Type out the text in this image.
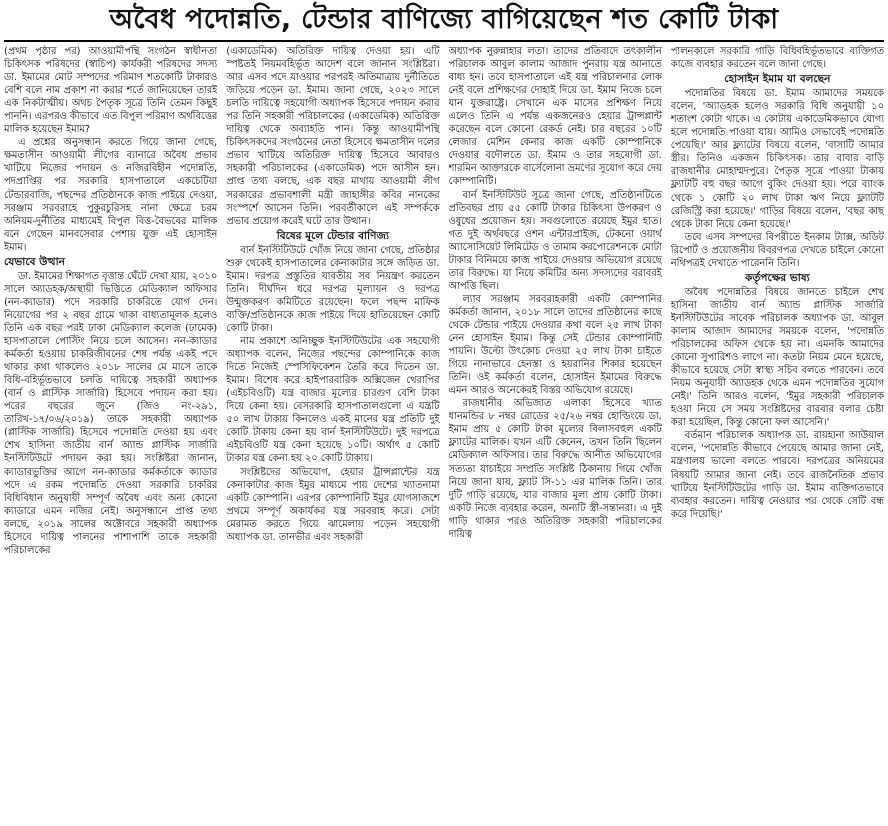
অবৈধ পদোন্নতি, টেন্ডার বাণিজ্যে বাগিয়েছেন শত কোটি টাকা

(প্রথম পৃষ্ঠার পর) আওয়ামীপন্থি সংগঠন স্বাধীনতা চিকিৎসক পরিষদের (স্বাচিপ) কার্যকরী পরিষদের সদস্য ডা. ইমামের মোট সম্পদের পরিমাণ শতকোটি টাকারও বেশি বলে নাম প্রকাশ না করার শর্তে জানিয়েছেন তারই এক নিকটাত্মীয়। অথচ পৈতৃক সূত্রে তিনি তেমন কিছুই পাননি। এরপরও কীভাবে এত বিপুল পরিমাণ অর্থবিত্তের মালিক হয়েছেন ইমাম?

এ প্রশ্নের অনুসন্ধান করতে গিয়ে জানা গেছে, ক্ষমতাসীন আওয়ামী লীগের ব্যানারে অবৈধ প্রভাব খাটিয়ে নিজের পদায়ন ও নজিরবিহীন পদোন্নতি, পদপ্রাপ্তির পর সরকারি হাসপাতালে একচেটিয়া টেন্ডারবাজি, পছন্দের প্রতিষ্ঠানকে কাজ পাইয়ে দেওয়া, সরঞ্জাম সরবরাহে পুকুরচুরিসহ নানা ক্ষেত্রে চরম অনিয়ম-দুর্নীতির মাধ্যমেই বিপুল বিত্ত-বৈভবের মালিক বনে গেছেন মানবসেবার পেশায় যুক্ত এই হোসাইন ইমাম।

যেভাবে উত্থান

ডা. ইমামের শিক্ষাগত বৃত্তান্ত ঘেঁটে দেখা যায়, ২০১০ সালে অ্যাডহক/অস্থায়ী ভিত্তিতে মেডিক্যাল অফিসার (নন-ক্যাডার) পদে সরকারি চাকরিতে যোগ দেন। নিয়োগের পর ২ বছর গ্রামে থাকা বাধ্যতামূলক হলেও তিনি এক বছর পরই ঢাকা মেডিক্যাল কলেজ (ঢামেক) হাসপাতালে পোস্টিং নিয়ে চলে আসেন। নন-ক্যাডার কর্মকর্তা হওয়ায় চাকরিজীবনের শেষ পর্যন্ত একই পদে থাকার কথা থাকলেও ২০১৮ সালের মে মাসে তাকে বিধি-বহির্ভূতভাবে চলতি দায়িত্বে সহকারী অধ্যাপক (বার্ন ও প্লাস্টিক সার্জারি) হিসেবে পদায়ন করা হয়। পরের বছরের জুনে (জিও নং-২৯১, তারিখ-১৭/০৬/২০১৯) তাকে সহকারী অধ্যাপক (প্লাস্টিক সার্জারি) হিসেবে পদোন্নতি দেওয়া হয় এবং শেখ হাসিনা জাতীয় বার্ন অ্যান্ড প্লাস্টিক সার্জারি ইনস্টিটিউটে পদায়ন করা হয়। সংশ্লিষ্টরা জানান, ক্যাডারভুক্তির আগে নন-ক্যাডার কর্মকর্তাকে ক্যাডার পদে এ রকম পদোন্নতি দেওয়া সরকারি চাকরির বিধিবিধান অনুযায়ী সম্পূর্ণ অবৈধ এবং অন্য কোনো ক্যাডারে এমন নজির নেই। অনুসন্ধানে প্রাপ্ত তথ্য বলছে, ২০১৯ সালের অক্টোবরে সহকারী অধ্যাপক হিসেবে দায়িত্ব পালনের পাশাপাশি তাকে সহকারী পরিচালকের

(একাডেমিক) অতিরিক্ত দায়িত্ব দেওয়া হয়। এটি স্পষ্টতই নিয়মবহির্ভূত আদেশ বলে জানান সংশ্লিষ্টরা। আর এসব পদে যাওয়ার পরপরই অতিমাত্রায় দুর্নীতিতে জড়িয়ে পড়েন ডা. ইমাম। জানা গেছে, ২০২৩ সালে চলতি দায়িত্বে সহযোগী অধ্যাপক হিসেবে পদায়ন করার পর তিনি সহকারী পরিচালকের (একাডেমিক) অতিরিক্ত দায়িত্ব থেকে অব্যাহতি পান। কিন্তু আওয়ামীপন্থি চিকিৎসকদের সংগঠনের নেতা হিসেবে ক্ষমতাসীন দলের প্রভাব খাটিয়ে অতিরিক্ত দায়িত্ব হিসেবে আবারও সহকারী পরিচালকের (একাডেমিক) পদে আসীন হন। প্রাপ্ত তথ্য বলছে, এক বছর মাথায় আওয়ামী লীগ সরকারের প্রভাবশালী মন্ত্রী জাহাঙ্গীর কবির নানকের সংস্পর্শে আসেন তিনি। পরবর্তীকালে এই সম্পর্ককে প্রভাব প্রয়োগ করেই ঘটে তার উত্থান।

বিষের মূলে টেন্ডার বাণিজ্য

বার্ন ইনস্টিটিউটে খোঁজ নিয়ে জানা গেছে, প্রতিষ্ঠার শুরু থেকেই হাসপাতালের কেনাকাটার সঙ্গে জড়িত ডা. ইমাম। দরপত্র প্রস্তুতির যাবতীয় সব নিয়ন্ত্রণ করতেন তিনি। দীর্ঘদিন ধরে দরপত্র মূল্যায়ন ও দরপত্র উন্মুক্তকরণ কমিটিতে রয়েছেন। ফলে পছন্দ মাফিক ব্যক্তি/প্রতিষ্ঠানকে কাজ পাইয়ে দিয়ে হাতিয়েছেন কোটি কোটি টাকা।

নাম প্রকাশে অনিচ্ছুক ইনস্টিটিউটের এক সহযোগী অধ্যাপক বলেন, নিজের পছন্দের কোম্পানিকে কাজ দিতে নিজেই স্পেসিফিকেশন তৈরি করে দিতেন ডা. ইমাম। বিশেষ করে হাইপারবারিক অক্সিজেন থেরাপির (এইচবিওটি) যন্ত্র বাজার মূল্যের চারগুণ বেশি টাকা দিয়ে কেনা হয়। বেসরকারি হাসপাতালগুলো এ যন্ত্রটি ৫০ লাখ টাকায় কিনলেও একই মানের যন্ত্র প্রতিটি দুই কোটি টাকায় কেনা হয় বার্ন ইনস্টিটিউটে। দুই দরপত্রে এইচবিওটি যন্ত্র কেনা হয়েছে ১০টি। অর্থাৎ ৫ কোটি টাকার যন্ত্র কেনা হয় ২০ কোটি টাকায়।

সংশ্লিষ্টদের অভিযোগ, হেয়ার ট্রান্সপ্লান্টের যন্ত্র কেনাকাটার কাজ ইমুর মাধ্যমে পায় দেশের খ্যাতনামা একটি কোম্পানি। এরপর কোম্পানিটি ইমুর যোগসাজশে প্রথমে সম্পূর্ণ অকার্যকর যন্ত্র সরবরাহ করে। সেটা মেরামত করতে গিয়ে ঝামেলায় পড়েন সহযোগী অধ্যাপক ডা. তানভীর এবং সহকারী

অধ্যাপক নুরুন্নাহার লতা। তাদের প্রতিবাদে তৎকালীন পরিচালক আবুল কালাম আজাদ পুনরায় যন্ত্র আনাতে বাধ্য হন। তবে হাসপাতালে এই যন্ত্র পরিচালনার লোক নেই বলে প্রশিক্ষণের দোহাই দিয়ে ডা. ইমাম নিজে চলে যান যুক্তরাষ্ট্রে। সেখানে এক মাসের প্রশিক্ষণ নিয়ে এলেও তিনি এ পর্যন্ত একজনেরও হেয়ার ট্রান্সপ্লান্ট করেছেন বলে কোনো রেকর্ড নেই। চার বছরের ১০টি লেজার মেশিন কেনার কাজ একটি কোম্পানিকে দেওয়ার বদৌলতে ডা. ইমাম ও তার সহযোগী ডা. শারমিন আক্তারকে বার্সেলোনা ভ্রমণের সুযোগ করে দেয় কোম্পানিটি।

বার্ন ইনস্টিটিউট সূত্রে জানা গেছে, প্রতিষ্ঠানটিতে প্রতিবছর প্রায় ৫৫ কোটি টাকার চিকিৎসা উপকরণ ও ওষুধের প্রয়োজন হয়। সবগুলোতে রয়েছে ইমুর হাত। গত দুই অর্থবছরে ওশন এন্টারপ্রাইজ, টেকনো ওয়ার্থ অ্যাসোসিয়েট লিমিটেড ও তামাম করপোরেশনকে মোটা টাকার বিনিময়ে কাজ পাইয়ে দেওয়ার অভিযোগ রয়েছে তার বিরুদ্ধে। যা নিয়ে কমিটির অন্য সদস্যদের বরাবরই আপত্তি ছিল।

ল্যাব সরঞ্জাম সরবরাহকারী একটি কোম্পানির কর্মকর্তা জানান, ২০১৮ সালে তাদের প্রতিষ্ঠানের কাছে থেকে টেন্ডার পাইয়ে দেওয়ার কথা বলে ২৫ লাখ টাকা নেন হোসাইন ইমাম। কিন্তু সেই টেন্ডার কোম্পানিটি পায়নি। উল্টো উৎকোচ দেওয়া ২৫ লাখ টাকা চাইতে গিয়ে নানাভাবে হেনস্তা ও হয়রানির শিকার হয়েছেন তিনি। ওই কর্মকর্তা বলেন, হোসাইন ইমামের বিরুদ্ধে এমন আরও অনেকেরই বিস্তর অভিযোগ রয়েছে।

রাজধানীর অভিজাত এলাকা হিসেবে খ্যাত ধানমন্ডির ৮ নম্বর রোডের ২৫/২৬ নম্বর হোল্ডিংয়ে ডা. ইমাম প্রায় ৫ কোটি টাকা মূল্যের বিলাসবহুল একটি ফ্ল্যাটের মালিক। যখন এটি কেনেন, তখন তিনি ছিলেন মেডিক্যাল অফিসার। তার বিরুদ্ধে আনীত অভিযোগের সত্যতা যাচাইয়ে সম্প্রতি সংশ্লিষ্ট ঠিকানায় গিয়ে খোঁজ নিয়ে জানা যায়, ফ্ল্যাট সি-১১ এর মালিক তিনি। তার দুটি গাড়ি রয়েছে, যার বাজার মূল্য প্রায় কোটি টাকা। একটি নিজে ব্যবহার করেন, অন্যটি স্ত্রী-সন্তানরা। এ দুই গাড়ি থাকার পরও অতিরিক্ত সহকারী পরিচালকের দায়িত্ব

পালনকালে সরকারি গাড়ি বিধিবহির্ভূতভাবে ব্যক্তিগত কাজে ব্যবহার করতেন বলে জানা গেছে।

হোসাইন ইমাম যা বলছেন

পদোন্নতির বিষয়ে ডা. ইমাম আমাদের সময়কে বলেন, 'অ্যাডহক হলেও সরকারি বিধি অনুযায়ী ১০ শতাংশ কোটা থাকে। এ কোটায় একাডেমিকভাবে যোগ্য হলে পদোন্নতি পাওয়া যায়। আমিও সেভাবেই পদোন্নতি পেয়েছি।' আর ফ্ল্যাটের বিষয়ে বলেন, 'বাসাটি আমার স্ত্রীর। তিনিও একজন চিকিৎসক। তার বাবার বাড়ি রাজধানীর মোহাম্মদপুরে। পৈতৃক সূত্রে পাওয়া টাকায় ফ্ল্যাটটি বহু বছর আগে বুকিং দেওয়া হয়। পরে ব্যাংক থেকে ১ কোটি ২০ লাখ টাকা ঋণ নিয়ে ফ্ল্যাটটি রেজিস্ট্রি করা হয়েছে।' গাড়ির বিষয়ে বলেন, 'বছর কাছ থেকে টাকা নিয়ে কেনা হয়েছে।'

তবে এসব সম্পদের বিপরীতে ইনকাম ট্যাক্স, অডিট রিপোর্ট ও প্রয়োজনীয় বিবরণপত্র দেখতে চাইলে কোনো নথিপত্রই দেখাতে পারেননি তিনি।

কর্তৃপক্ষের ভাষ্য

অবৈধ পদোন্নতির বিষয়ে জানতে চাইলে শেখ হাসিনা জাতীয় বার্ন অ্যান্ড প্লাস্টিক সার্জারি ইনস্টিটিউটের সাবেক পরিচালক অধ্যাপক ডা. আবুল কালাম আজাদ আমাদের সময়কে বলেন, 'পদোন্নতি পরিচালকের অফিস থেকে হয় না। এমনকি আমাদের কোনো সুপারিশও লাগে না। কতটা নিয়ম মেনে হয়েছে, কীভাবে হয়েছে সেটা স্বাস্থ্য সচিব বলতে পারবেন। তবে নিয়ম অনুযায়ী অ্যাডহক থেকে এমন পদোন্নতির সুযোগ নেই।' তিনি আরও বলেন, 'ইমুর সহকারী পরিচালক হওয়া নিয়ে সে সময় সংশ্লিষ্টদের বারবার বলার চেষ্টা করা হয়েছিল, কিন্তু কোনো ফল আসেনি।'

বর্তমান পরিচালক অধ্যাপক ডা. রায়হানা আউয়াল বলেন, 'পদোন্নতি কীভাবে পেয়েছে আমার জানা নেই, মন্ত্রণালয় ভালো বলতে পারবে। দরপত্রের অনিয়মের বিষয়টি আমার জানা নেই। তবে রাজনৈতিক প্রভাব খাটিয়ে ইনস্টিটিউটের গাড়ি ডা. ইমাম ব্যক্তিগতভাবে ব্যবহার করতেন। দায়িত্ব নেওয়ার পর থেকে সেটি বন্ধ করে দিয়েছি।'
